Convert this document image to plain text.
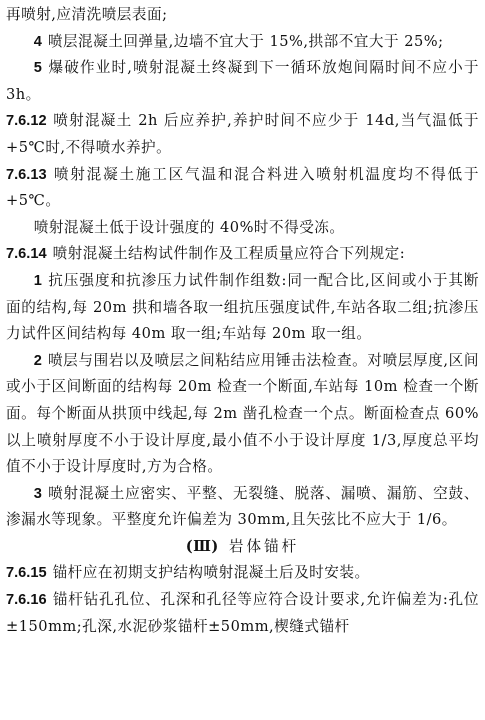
再喷射,应清洗喷层表面;

4 喷层混凝土回弹量,边墙不宜大于 15%,拱部不宜大于 25%;

5 爆破作业时,喷射混凝土终凝到下一循环放炮间隔时间不应小于 3h。

7.6.12 喷射混凝土 2h 后应养护,养护时间不应少于 14d,当气温低于+5℃时,不得喷水养护。

7.6.13 喷射混凝土施工区气温和混合料进入喷射机温度均不得低于+5℃。

喷射混凝土低于设计强度的 40%时不得受冻。

7.6.14 喷射混凝土结构试件制作及工程质量应符合下列规定:

1 抗压强度和抗渗压力试件制作组数:同一配合比,区间或小于其断面的结构,每 20m 拱和墙各取一组抗压强度试件,车站各取二组;抗渗压力试件区间结构每 40m 取一组;车站每 20m 取一组。

2 喷层与围岩以及喷层之间粘结应用锤击法检查。对喷层厚度,区间或小于区间断面的结构每 20m 检查一个断面,车站每 10m 检查一个断面。每个断面从拱顶中线起,每 2m 凿孔检查一个点。断面检查点 60%以上喷射厚度不小于设计厚度,最小值不小于设计厚度 1/3,厚度总平均值不小于设计厚度时,方为合格。

3 喷射混凝土应密实、平整、无裂缝、脱落、漏喷、漏筋、空鼓、渗漏水等现象。平整度允许偏差为 30mm,且矢弦比不应大于 1/6。

(Ⅲ) 岩体锚杆

7.6.15 锚杆应在初期支护结构喷射混凝土后及时安装。

7.6.16 锚杆钻孔孔位、孔深和孔径等应符合设计要求,允许偏差为:孔位±150mm;孔深,水泥砂浆锚杆±50mm,楔缝式锚杆
